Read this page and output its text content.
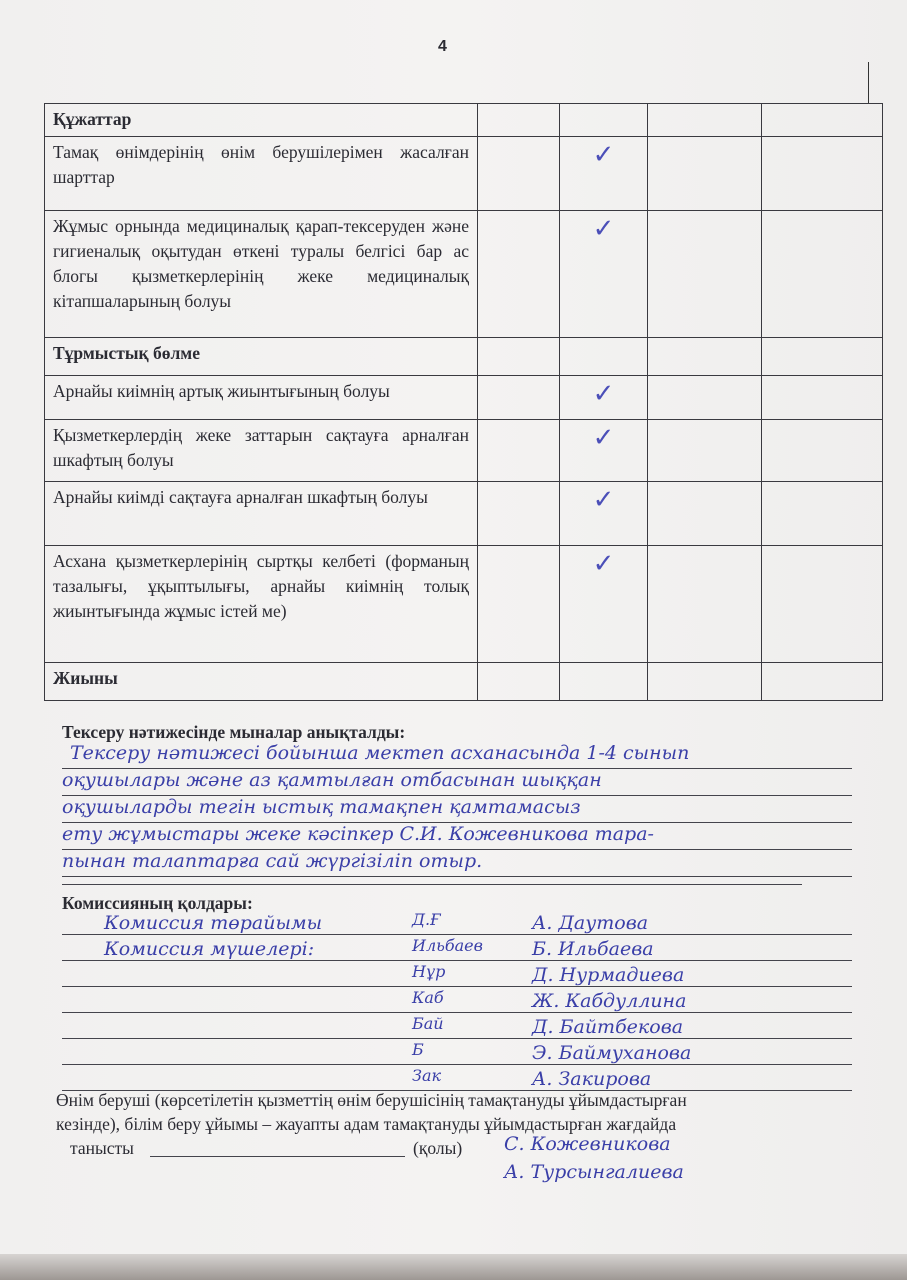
4
Құжаттар				
Тамақ өнімдерінің өнім берушілерімен жасалған шарттар		✓		
Жұмыс орнында медициналық қарап-тексеруден және гигиеналық оқытудан өткені туралы белгісі бар ас блогы қызметкерлерінің жеке медициналық кітапшаларының болуы		✓		
Тұрмыстық бөлме				
Арнайы киімнің артық жиынтығының болуы		✓		
Қызметкерлердің жеке заттарын сақтауға арналған шкафтың болуы		✓		
Арнайы киімді сақтауға арналған шкафтың болуы		✓		
Асхана қызметкерлерінің сыртқы келбеті (форманың тазалығы, ұқыптылығы, арнайы киімнің толық жиынтығында жұмыс істей ме)		✓		
Жиыны				
Тексеру нәтижесінде мыналар анықталды:
Тексеру нәтижесі бойынша мектеп асханасында 1-4 сынып
оқушылары және аз қамтылған отбасынан шыққан
оқушыларды тегін ыстық тамақпен қамтамасыз
ету жұмыстары жеке кәсіпкер С.И. Кожевникова тара-
пынан талаптарға сай жүргізіліп отыр.
Комиссияның қолдары:
Комиссия төрайымы	Д.Ғ	А. Даутова
Комиссия мүшелері:	Ильбаев	Б. Ильбаева
Нұр	Д. Нурмадиева
Каб	Ж. Кабдуллина
Бай	Д. Байтбекова
Б	Э. Баймуханова
Зак	А. Закирова
Өнім беруші (көрсетілетін қызметтің өнім берушісінің тамақтануды ұйымдастырған
кезінде), білім беру ұйымы – жауапты адам тамақтануды ұйымдастырған жағдайда
танысты	(қолы) С. Кожевникова
А. Турсынгалиева
